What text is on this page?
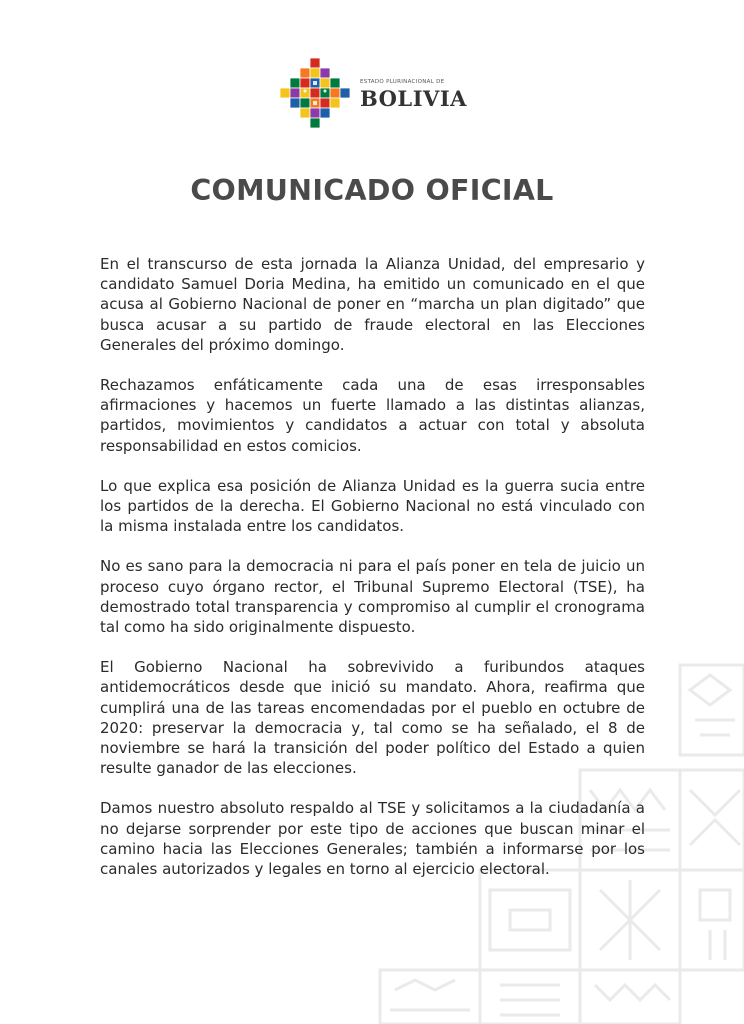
ESTADO PLURINACIONAL DE
BOLIVIA
COMUNICADO OFICIAL

En el transcurso de esta jornada la Alianza Unidad, del empresario y candidato Samuel Doria Medina, ha emitido un comunicado en el que acusa al Gobierno Nacional de poner en “marcha un plan digitado” que busca acusar a su partido de fraude electoral en las Elecciones Generales del próximo domingo.

Rechazamos enfáticamente cada una de esas irresponsables afirmaciones y hacemos un fuerte llamado a las distintas alianzas, partidos, movimientos y candidatos a actuar con total y absoluta responsabilidad en estos comicios.

Lo que explica esa posición de Alianza Unidad es la guerra sucia entre los partidos de la derecha. El Gobierno Nacional no está vinculado con la misma instalada entre los candidatos.

No es sano para la democracia ni para el país poner en tela de juicio un proceso cuyo órgano rector, el Tribunal Supremo Electoral (TSE), ha demostrado total transparencia y compromiso al cumplir el cronograma tal como ha sido originalmente dispuesto.

El Gobierno Nacional ha sobrevivido a furibundos ataques antidemocráticos desde que inició su mandato. Ahora, reafirma que cumplirá una de las tareas encomendadas por el pueblo en octubre de 2020: preservar la democracia y, tal como se ha señalado, el 8 de noviembre se hará la transición del poder político del Estado a quien resulte ganador de las elecciones.

Damos nuestro absoluto respaldo al TSE y solicitamos a la ciudadanía a no dejarse sorprender por este tipo de acciones que buscan minar el camino hacia las Elecciones Generales; también a informarse por los canales autorizados y legales en torno al ejercicio electoral.
